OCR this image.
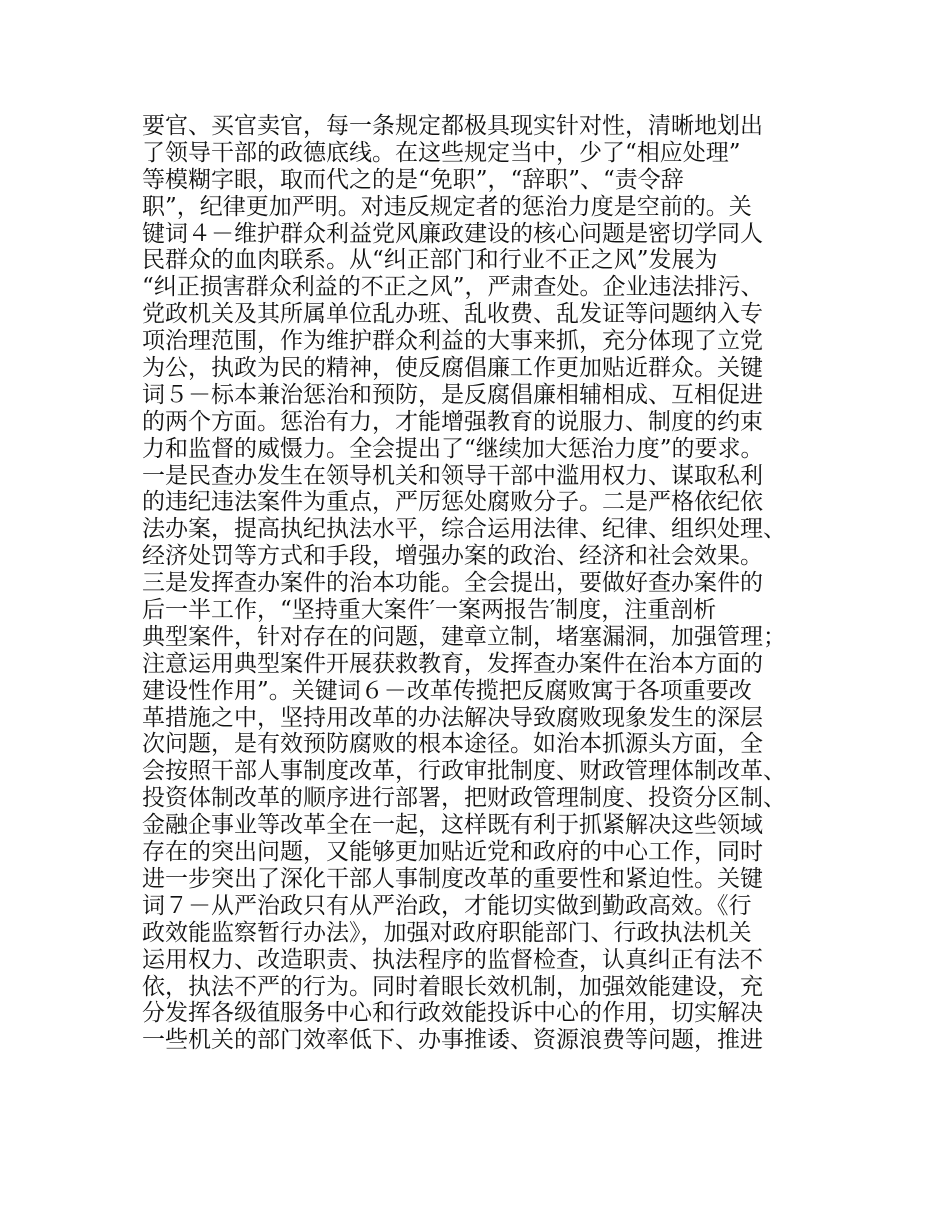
要官、买官卖官，每一条规定都极具现实针对性，清晰地划出

了领导干部的政德底线。在这些规定当中，少了“相应处理”

等模糊字眼，取而代之的是“免职”，“辞职”、“责令辞

职”，纪律更加严明。对违反规定者的惩治力度是空前的。关

键词４－维护群众利益党风廉政建设的核心问题是密切学同人

民群众的血肉联系。从“纠正部门和行业不正之风”发展为

“纠正损害群众利益的不正之风”，严肃查处。企业违法排污、

党政机关及其所属单位乱办班、乱收费、乱发证等问题纳入专

项治理范围，作为维护群众利益的大事来抓，充分体现了立党

为公，执政为民的精神，使反腐倡廉工作更加贴近群众。关键

词５－标本兼治惩治和预防，是反腐倡廉相辅相成、互相促进

的两个方面。惩治有力，才能增强教育的说服力、制度的约束

力和监督的威慑力。全会提出了“继续加大惩治力度”的要求。

一是民查办发生在领导机关和领导干部中滥用权力、谋取私利

的违纪违法案件为重点，严厉惩处腐败分子。二是严格依纪依

法办案，提高执纪执法水平，综合运用法律、纪律、组织处理、

经济处罚等方式和手段，增强办案的政治、经济和社会效果。

三是发挥查办案件的治本功能。全会提出，要做好查办案件的

后一半工作，“坚持重大案件′一案两报告′制度，注重剖析

典型案件，针对存在的问题，建章立制，堵塞漏洞，加强管理；

注意运用典型案件开展获救教育，发挥查办案件在治本方面的

建设性作用”。关键词６－改革传揽把反腐败寓于各项重要改

革措施之中，坚持用改革的办法解决导致腐败现象发生的深层

次问题，是有效预防腐败的根本途径。如治本抓源头方面，全

会按照干部人事制度改革，行政审批制度、财政管理体制改革、

投资体制改革的顺序进行部署，把财政管理制度、投资分区制、

金融企事业等改革全在一起，这样既有利于抓紧解决这些领域

存在的突出问题，又能够更加贴近党和政府的中心工作，同时

进一步突出了深化干部人事制度改革的重要性和紧迫性。关键

词７－从严治政只有从严治政，才能切实做到勤政高效。《行

政效能监察暂行办法》，加强对政府职能部门、行政执法机关

运用权力、改造职责、执法程序的监督检查，认真纠正有法不

依，执法不严的行为。同时着眼长效机制，加强效能建设，充

分发挥各级徝服务中心和行政效能投诉中心的作用，切实解决

一些机关的部门效率低下、办事推诿、资源浪费等问题，推进
